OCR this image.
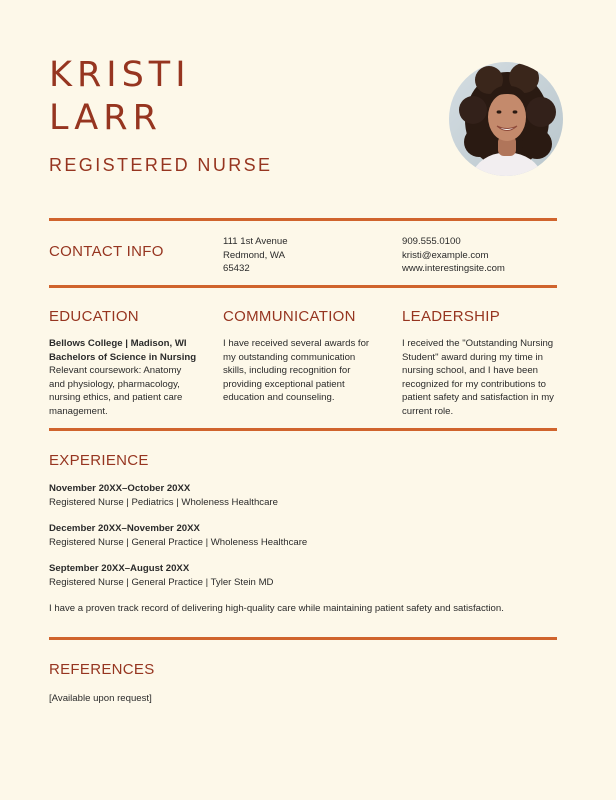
KRISTI
LARR
REGISTERED NURSE
CONTACT INFO
111 1st Avenue
Redmond, WA
65432
909.555.0100
kristi@example.com
www.interestingsite.com
EDUCATION
Bellows College | Madison, WI
Bachelors of Science in Nursing
Relevant coursework: Anatomy
and physiology, pharmacology,
nursing ethics, and patient care
management.
COMMUNICATION
I have received several awards for
my outstanding communication
skills, including recognition for
providing exceptional patient
education and counseling.
LEADERSHIP
I received the "Outstanding Nursing
Student" award during my time in
nursing school, and I have been
recognized for my contributions to
patient safety and satisfaction in my
current role.
EXPERIENCE
November 20XX–October 20XX
Registered Nurse | Pediatrics | Wholeness Healthcare
December 20XX–November 20XX
Registered Nurse | General Practice | Wholeness Healthcare
September 20XX–August 20XX
Registered Nurse | General Practice | Tyler Stein MD
I have a proven track record of delivering high-quality care while maintaining patient safety and satisfaction.
REFERENCES
[Available upon request]
